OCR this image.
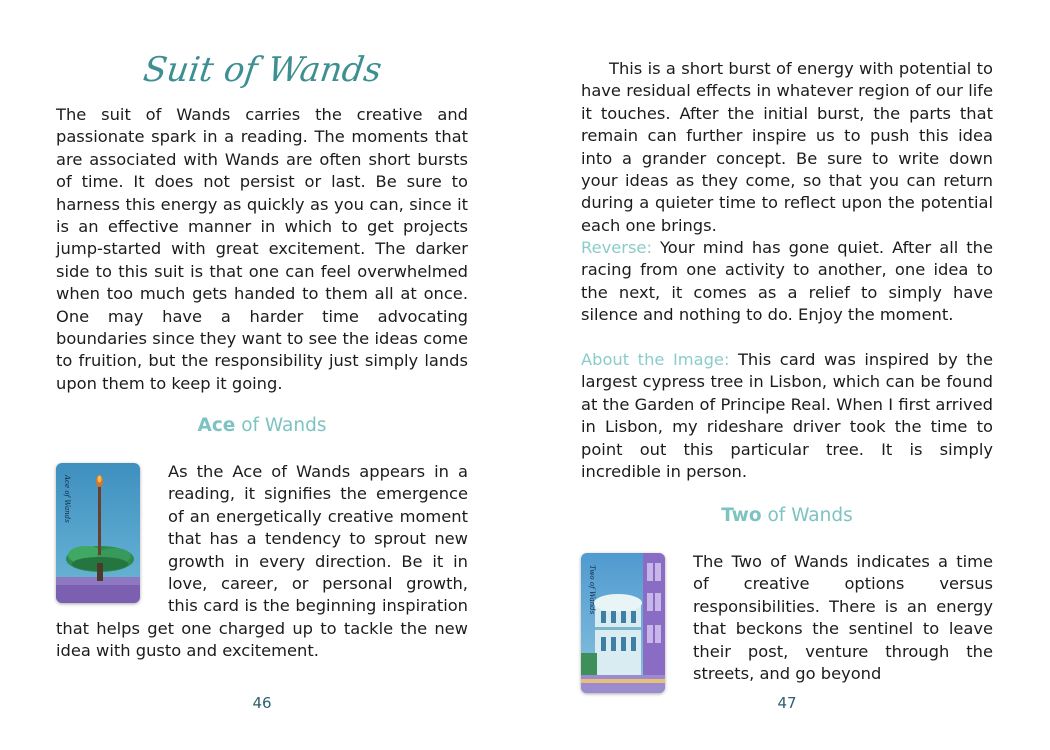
Suit of Wands

The suit of Wands carries the creative and passionate spark in a reading. The moments that are associated with Wands are often short bursts of time. It does not persist or last. Be sure to harness this energy as quickly as you can, since it is an effective manner in which to get projects jump-started with great excitement. The darker side to this suit is that one can feel overwhelmed when too much gets handed to them all at once. One may have a harder time advocating boundaries since they want to see the ideas come to fruition, but the responsibility just simply lands upon them to keep it going.

Ace of Wands
Ace of Wands

As the Ace of Wands appears in a reading, it signifies the emergence of an energetically creative moment that has a tendency to sprout new growth in every direction. Be it in love, career, or personal growth, this card is the beginning inspiration that helps get one charged up to tackle the new idea with gusto and excitement.

46

This is a short burst of energy with potential to have residual effects in whatever region of our life it touches. After the initial burst, the parts that remain can further inspire us to push this idea into a grander concept. Be sure to write down your ideas as they come, so that you can return during a quieter time to reflect upon the potential each one brings.

Reverse: Your mind has gone quiet. After all the racing from one activity to another, one idea to the next, it comes as a relief to simply have silence and nothing to do. Enjoy the moment.

About the Image: This card was inspired by the largest cypress tree in Lisbon, which can be found at the Garden of Principe Real. When I first arrived in Lisbon, my rideshare driver took the time to point out this particular tree. It is simply incredible in person.

Two of Wands
Two of Wands

The Two of Wands indicates a time of creative options versus responsibilities. There is an energy that beckons the sentinel to leave their post, venture through the streets, and go beyond

47
